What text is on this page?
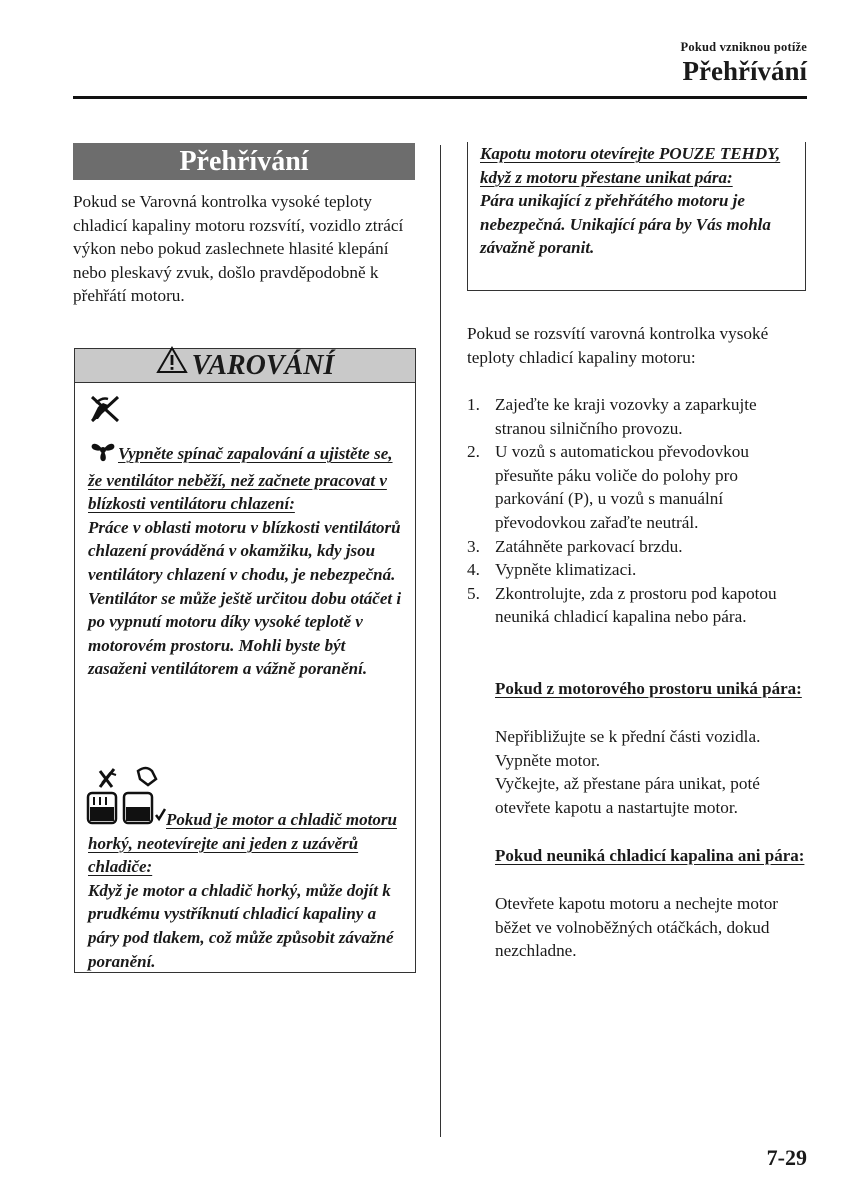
Pokud vzniknou potíže
Přehřívání
Přehřívání
Pokud se Varovná kontrolka vysoké teploty chladicí kapaliny motoru rozsvítí, vozidlo ztrácí výkon nebo pokud zaslechnete hlasité klepání nebo pleskavý zvuk, došlo pravděpodobně k přehřátí motoru.
VAROVÁNÍ
Vypněte spínač zapalování a ujistěte se, že ventilátor neběží, než začnete pracovat v blízkosti ventilátoru chlazení:
Práce v oblasti motoru v blízkosti ventilátorů chlazení prováděná v okamžiku, kdy jsou ventilátory chlazení v chodu, je nebezpečná. Ventilátor se může ještě určitou dobu otáčet i po vypnutí motoru díky vysoké teplotě v motorovém prostoru. Mohli byste být zasaženi ventilátorem a vážně poranění.
Pokud je motor a chladič motoru horký, neotevírejte ani jeden z uzávěrů chladiče:
Když je motor a chladič horký, může dojít k prudkému vystříknutí chladicí kapaliny a páry pod tlakem, což může způsobit závažné poranění.
Kapotu motoru otevírejte POUZE TEHDY, když z motoru přestane unikat pára:
Pára unikající z přehřátého motoru je nebezpečná. Unikající pára by Vás mohla závažně poranit.
Pokud se rozsvítí varovná kontrolka vysoké teploty chladicí kapaliny motoru:
1. Zajeďte ke kraji vozovky a zaparkujte stranou silničního provozu.
2. U vozů s automatickou převodovkou přesuňte páku voliče do polohy pro parkování (P), u vozů s manuální převodovkou zařaďte neutrál.
3. Zatáhněte parkovací brzdu.
4. Vypněte klimatizaci.
5. Zkontrolujte, zda z prostoru pod kapotou neuniká chladicí kapalina nebo pára.
Pokud z motorového prostoru uniká pára:
Nepřibližujte se k přední části vozidla. Vypněte motor.
Vyčkejte, až přestane pára unikat, poté otevřete kapotu a nastartujte motor.
Pokud neuniká chladicí kapalina ani pára:
Otevřete kapotu motoru a nechejte motor běžet ve volnoběžných otáčkách, dokud nezchladne.
7-29
